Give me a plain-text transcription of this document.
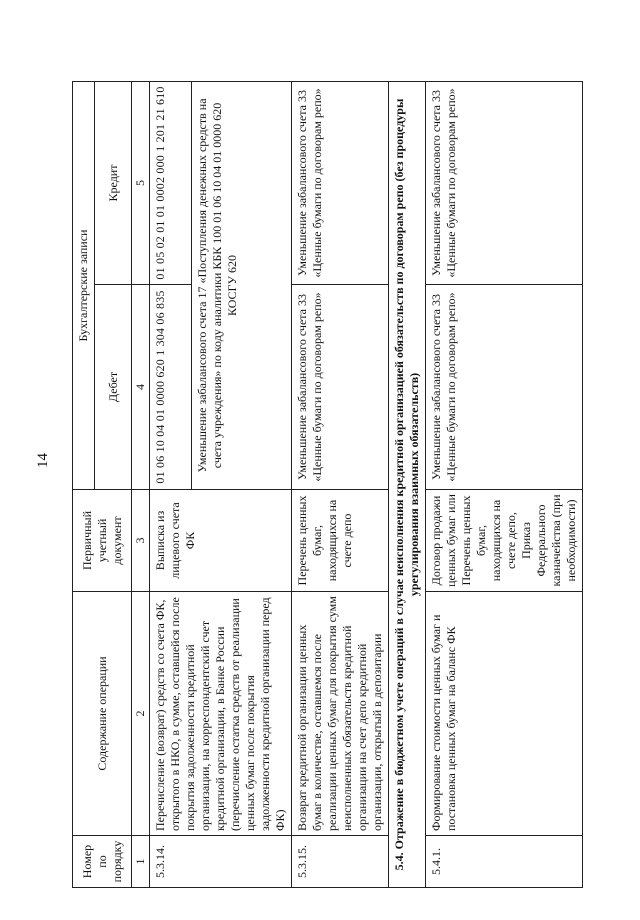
14
Номер по порядку	Содержание операции	Первичный учетный документ	Бухгалтерские записи	
			Дебет	Кредит
1	2	3	4	5
5.3.14.	Перечисление (возврат) средств со счета ФК, открытого в НКО, в сумме, оставшейся после покрытия задолженности кредитной организации, на корреспондентский счет кредитной организации, в Банке России (перечисление остатка средств от реализации ценных бумаг после покрытия задолженности кредитной организации перед ФК)	Выписка из лицевого счета ФК	01 06 10 04 01 0000 620 1 304 06 835	01 05 02 01 01 0002 000 1 201 21 610
			Уменьшение забалансового счета 17 «Поступления денежных средств на счета учреждения» по коду аналитики КБК 100 01 06 10 04 01 0000 620 КОСГУ 620	
5.3.15.	Возврат кредитной организации ценных бумаг в количестве, оставшемся после реализации ценных бумаг для покрытия сумм неисполненных обязательств кредитной организации на счет депо кредитной организации, открытый в депозитарии	Перечень ценных бумаг, находящихся на счете депо	Уменьшение забалансового счета 33 «Ценные бумаги по договорам репо»	Уменьшение забалансового счета 33 «Ценные бумаги по договорам репо»
5.4. Отражение в бюджетном учете операций в случае неисполнения кредитной организацией обязательств по договорам репо (без процедуры урегулирования взаимных обязательств)				
5.4.1.	Формирование стоимости ценных бумаг и постановка ценных бумаг на баланс ФК	Договор продажи ценных бумаг или Перечень ценных бумаг, находящихся на счете депо, Приказ Федерального казначейства (при необходимости)	Уменьшение забалансового счета 33 «Ценные бумаги по договорам репо»	Уменьшение забалансового счета 33 «Ценные бумаги по договорам репо»
